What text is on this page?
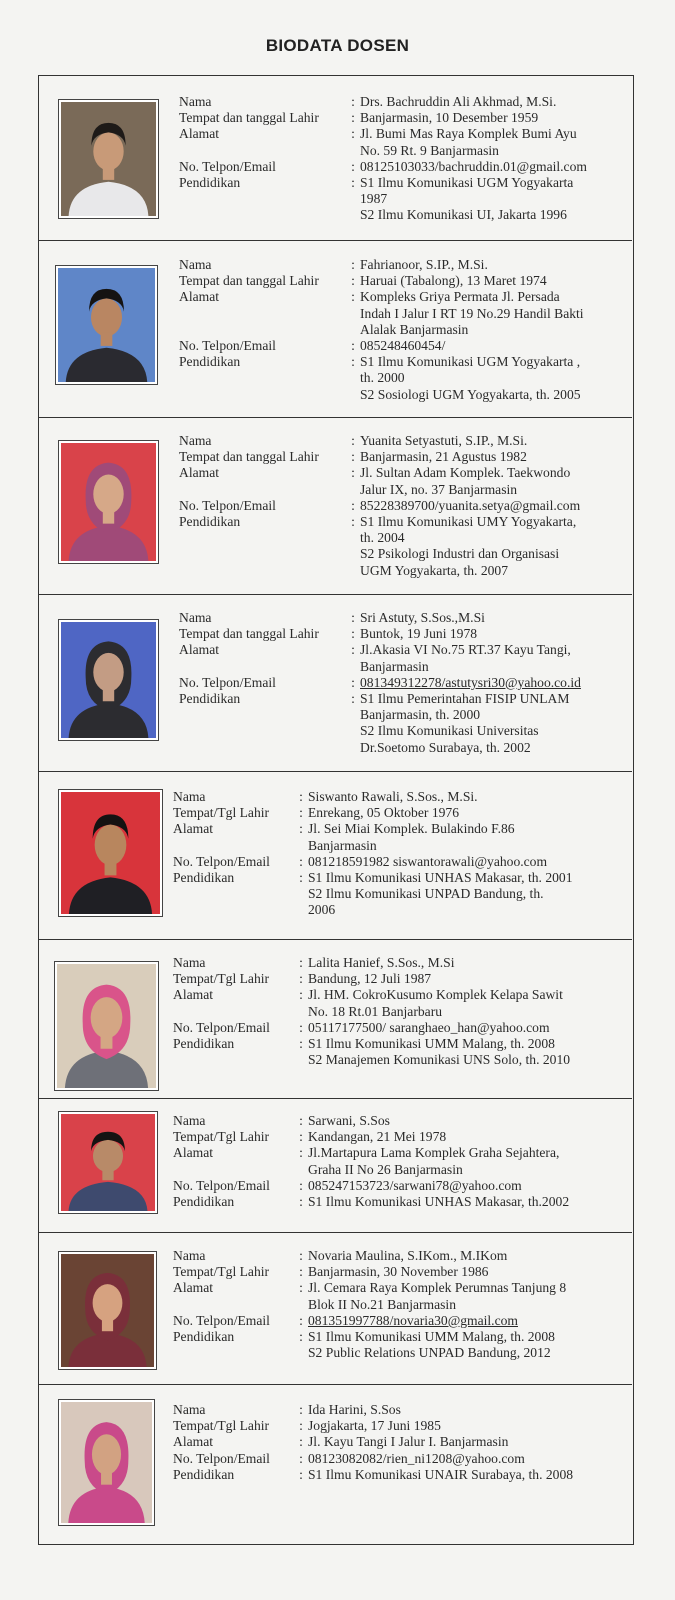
BIODATA DOSEN
Nama	: Drs. Bachruddin Ali Akhmad, M.Si.
Tempat dan tanggal Lahir	: Banjarmasin, 10 Desember 1959
Alamat	: Jl. Bumi Mas Raya Komplek Bumi Ayu
No. 59 Rt. 9 Banjarmasin
No. Telpon/Email	: 08125103033/bachruddin.01@gmail.com
Pendidikan	: S1 Ilmu Komunikasi UGM Yogyakarta
1987
S2 Ilmu Komunikasi UI, Jakarta 1996
Nama	: Fahrianoor, S.IP., M.Si.
Tempat dan tanggal Lahir	: Haruai (Tabalong), 13 Maret 1974
Alamat	: Kompleks Griya Permata Jl. Persada
Indah I Jalur I RT 19 No.29 Handil Bakti
Alalak Banjarmasin
No. Telpon/Email	: 085248460454/
Pendidikan	: S1 Ilmu Komunikasi UGM Yogyakarta ,
th. 2000
S2 Sosiologi UGM Yogyakarta, th. 2005
Nama	: Yuanita Setyastuti, S.IP., M.Si.
Tempat dan tanggal Lahir	: Banjarmasin, 21 Agustus 1982
Alamat	: Jl. Sultan Adam Komplek. Taekwondo
Jalur IX, no. 37 Banjarmasin
No. Telpon/Email	: 85228389700/yuanita.setya@gmail.com
Pendidikan	: S1 Ilmu Komunikasi UMY Yogyakarta,
th. 2004
S2 Psikologi Industri dan Organisasi
UGM Yogyakarta, th. 2007
Nama	: Sri Astuty, S.Sos.,M.Si
Tempat dan tanggal Lahir	: Buntok, 19 Juni 1978
Alamat	: Jl.Akasia VI No.75 RT.37 Kayu Tangi,
Banjarmasin
No. Telpon/Email	: 081349312278/astutysri30@yahoo.co.id
Pendidikan	: S1 Ilmu Pemerintahan FISIP UNLAM
Banjarmasin, th. 2000
S2 Ilmu Komunikasi Universitas
Dr.Soetomo Surabaya, th. 2002
Nama	: Siswanto Rawali, S.Sos., M.Si.
Tempat/Tgl Lahir	: Enrekang, 05 Oktober 1976
Alamat	: Jl. Sei Miai Komplek. Bulakindo F.86
Banjarmasin
No. Telpon/Email	: 081218591982 siswantorawali@yahoo.com
Pendidikan	: S1 Ilmu Komunikasi UNHAS Makasar, th. 2001
S2 Ilmu Komunikasi UNPAD Bandung, th.
2006
Nama	: Lalita Hanief, S.Sos., M.Si
Tempat/Tgl Lahir	: Bandung, 12 Juli 1987
Alamat	: Jl. HM. CokroKusumo Komplek Kelapa Sawit
No. 18 Rt.01 Banjarbaru
No. Telpon/Email	: 05117177500/ saranghaeo_han@yahoo.com
Pendidikan	: S1 Ilmu Komunikasi UMM Malang, th. 2008
S2 Manajemen Komunikasi UNS Solo, th. 2010
Nama	: Sarwani, S.Sos
Tempat/Tgl Lahir	: Kandangan, 21 Mei 1978
Alamat	: Jl.Martapura Lama Komplek Graha Sejahtera,
Graha II No 26 Banjarmasin
No. Telpon/Email	: 085247153723/sarwani78@yahoo.com
Pendidikan	: S1 Ilmu Komunikasi UNHAS Makasar, th.2002
Nama	: Novaria Maulina, S.IKom., M.IKom
Tempat/Tgl Lahir	: Banjarmasin, 30 November 1986
Alamat	: Jl. Cemara Raya Komplek Perumnas Tanjung 8
Blok II No.21 Banjarmasin
No. Telpon/Email	: 081351997788/novaria30@gmail.com
Pendidikan	: S1 Ilmu Komunikasi UMM Malang, th. 2008
S2 Public Relations UNPAD Bandung, 2012
Nama	: Ida Harini, S.Sos
Tempat/Tgl Lahir	: Jogjakarta, 17 Juni 1985
Alamat	: Jl. Kayu Tangi I Jalur I. Banjarmasin
No. Telpon/Email	: 08123082082/rien_ni1208@yahoo.com
Pendidikan	: S1 Ilmu Komunikasi UNAIR Surabaya, th. 2008
